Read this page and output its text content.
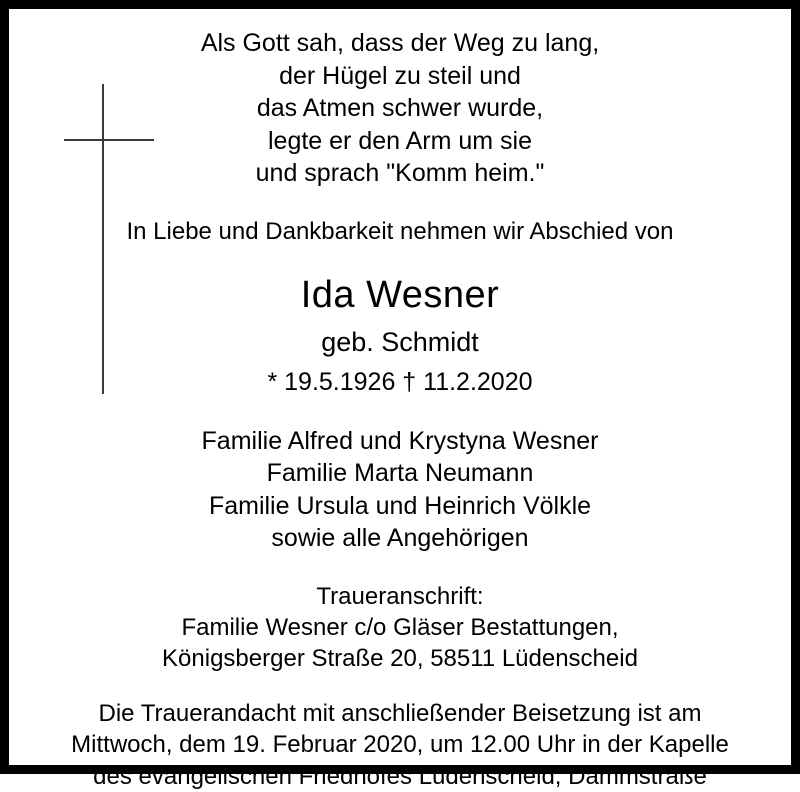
Als Gott sah, dass der Weg zu lang,
der Hügel zu steil und
das Atmen schwer wurde,
legte er den Arm um sie
und sprach "Komm heim."
In Liebe und Dankbarkeit nehmen wir Abschied von
Ida Wesner
geb. Schmidt
* 19.5.1926 † 11.2.2020
Familie Alfred und Krystyna Wesner
Familie Marta Neumann
Familie Ursula und Heinrich Völkle
sowie alle Angehörigen
Traueranschrift:
Familie Wesner c/o Gläser Bestattungen,
Königsberger Straße 20, 58511 Lüdenscheid
Die Trauerandacht mit anschließender Beisetzung ist am
Mittwoch, dem 19. Februar 2020, um 12.00 Uhr in der Kapelle
des evangelischen Friedhofes Lüdenscheid, Dammstraße
